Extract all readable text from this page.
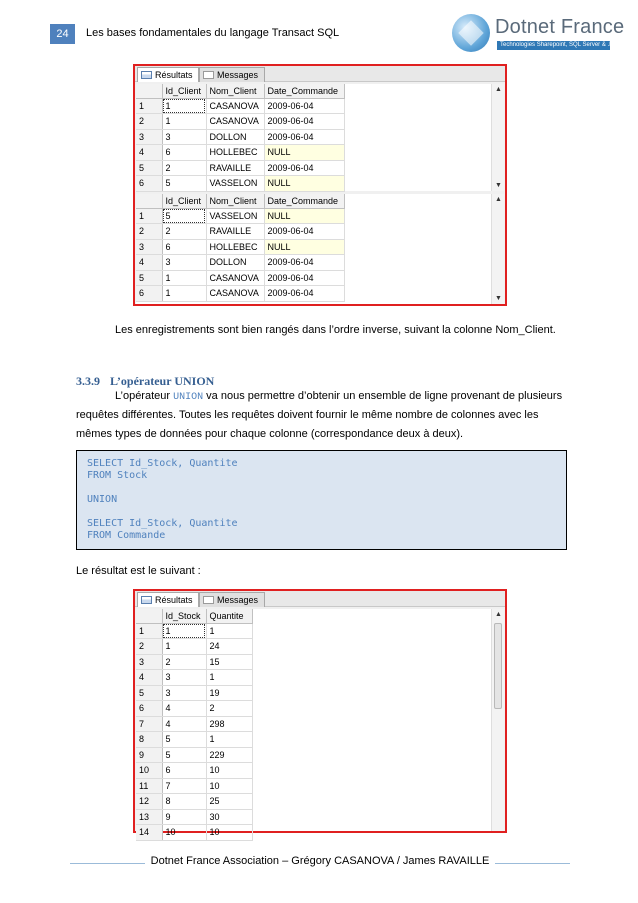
24	Les bases fondamentales du langage Transact SQL	Dotnet France
Technologies Sharepoint, SQL Server & .NET
Résultats	Messages
	Id_Client	Nom_Client	Date_Commande
1	1	CASANOVA	2009-06-04
2	1	CASANOVA	2009-06-04
3	3	DOLLON	2009-06-04
4	6	HOLLEBEC	NULL
5	2	RAVAILLE	2009-06-04
6	5	VASSELON	NULL
▲
▼
	Id_Client	Nom_Client	Date_Commande
1	5	VASSELON	NULL
2	2	RAVAILLE	2009-06-04
3	6	HOLLEBEC	NULL
4	3	DOLLON	2009-06-04
5	1	CASANOVA	2009-06-04
6	1	CASANOVA	2009-06-04
▲
▼
Les enregistrements sont bien rangés dans l’ordre inverse, suivant la colonne Nom_Client.
3.3.9 L’opérateur UNION
L’opérateur UNION va nous permettre d’obtenir un ensemble de ligne provenant de plusieurs
requêtes différentes. Toutes les requêtes doivent fournir le même nombre de colonnes avec les
mêmes types de données pour chaque colonne (correspondance deux à deux).
SELECT Id_Stock, Quantite
FROM Stock
UNION
SELECT Id_Stock, Quantite
FROM Commande
Le résultat est le suivant :
Résultats	Messages
	Id_Stock	Quantite
1	1	1
2	1	24
3	2	15
4	3	1
5	3	19
6	4	2
7	4	298
8	5	1
9	5	229
10	6	10
11	7	10
12	8	25
13	9	30
14	10	10
▲
Dotnet France Association – Grégory CASANOVA / James RAVAILLE
